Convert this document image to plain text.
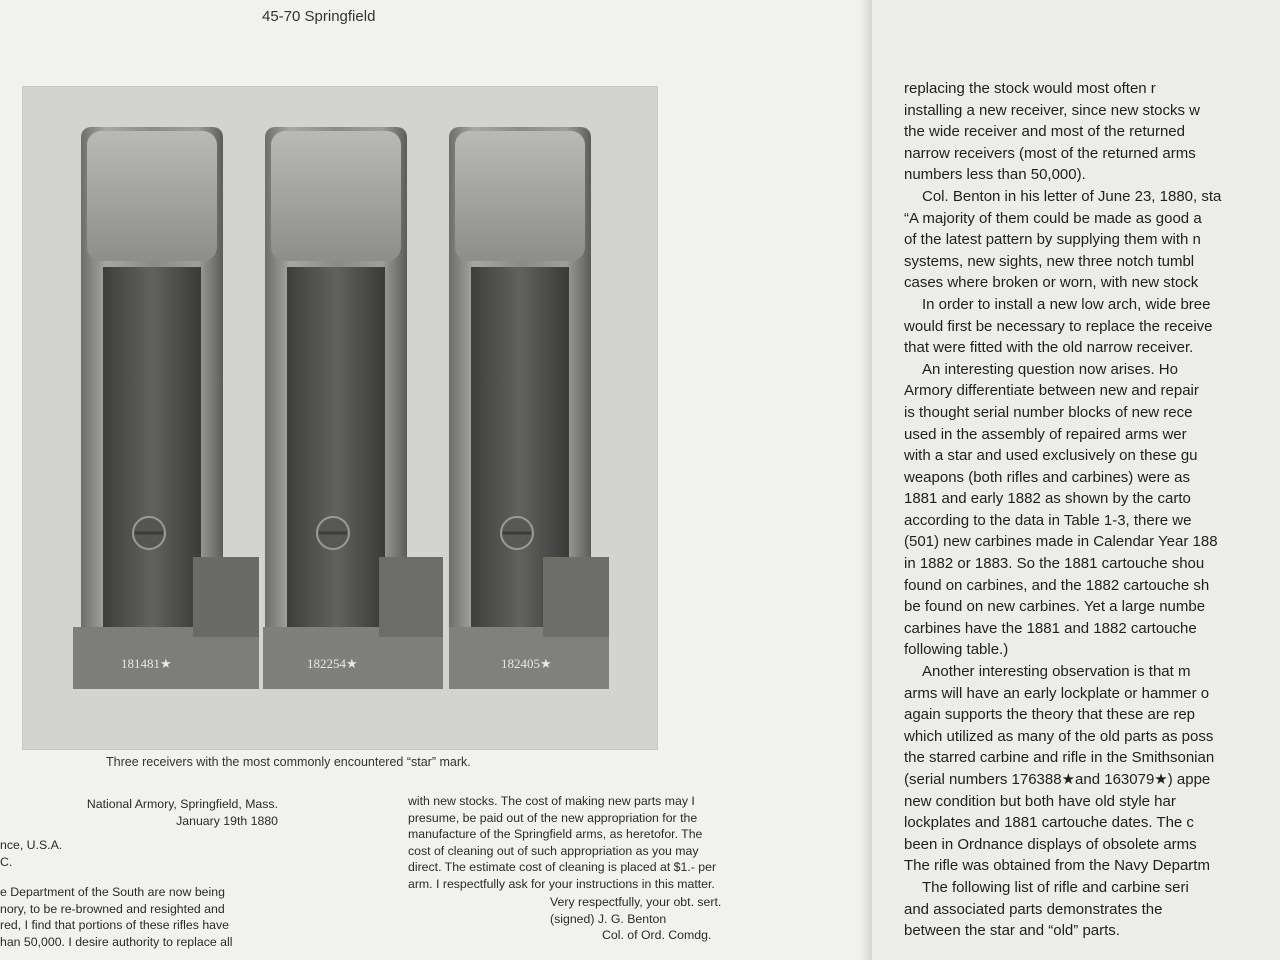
45-70 Springfield
181481★	182254★	182405★
Three receivers with the most commonly encountered “star” mark.
National Armory, Springfield, Mass.
January 19th 1880
nce, U.S.A.
C.
e Department of the South are now being
nory, to be re-browned and resighted and
red, I find that portions of these rifles have
han 50,000. I desire authority to replace all
with new stocks. The cost of making new parts may I
presume, be paid out of the new appropriation for the
manufacture of the Springfield arms, as heretofor. The
cost of cleaning out of such appropriation as you may
direct. The estimate cost of cleaning is placed at $1.- per
arm. I respectfully ask for your instructions in this matter.
Very respectfully, your obt. sert.
(signed) J. G. Benton
Col. of Ord. Comdg.
replacing the stock would most often r
installing a new receiver, since new stocks w
the wide receiver and most of the returned
narrow receivers (most of the returned arms
numbers less than 50,000).
Col. Benton in his letter of June 23, 1880, sta
“A majority of them could be made as good a
of the latest pattern by supplying them with n
systems, new sights, new three notch tumbl
cases where broken or worn, with new stock
In order to install a new low arch, wide bree
would first be necessary to replace the receive
that were fitted with the old narrow receiver.
An interesting question now arises. Ho
Armory differentiate between new and repair
is thought serial number blocks of new rece
used in the assembly of repaired arms wer
with a star and used exclusively on these gu
weapons (both rifles and carbines) were as
1881 and early 1882 as shown by the carto
according to the data in Table 1-3, there we
(501) new carbines made in Calendar Year 188
in 1882 or 1883. So the 1881 cartouche shou
found on carbines, and the 1882 cartouche sh
be found on new carbines. Yet a large numbe
carbines have the 1881 and 1882 cartouche
following table.)
Another interesting observation is that m
arms will have an early lockplate or hammer o
again supports the theory that these are rep
which utilized as many of the old parts as poss
the starred carbine and rifle in the Smithsonian
(serial numbers 176388★and 163079★) appe
new condition but both have old style har
lockplates and 1881 cartouche dates. The c
been in Ordnance displays of obsolete arms
The rifle was obtained from the Navy Departm
The following list of rifle and carbine seri
and associated parts demonstrates the
between the star and “old” parts.
